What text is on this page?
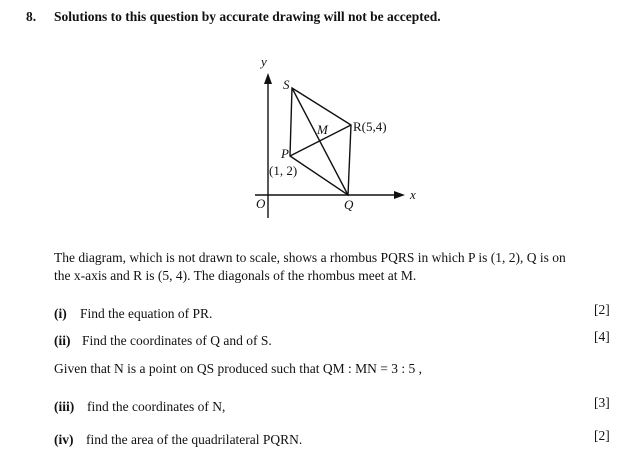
8. Solutions to this question by accurate drawing will not be accepted.
y
x
O
S
M R(5,4)
P
(1, 2)
Q
The diagram, which is not drawn to scale, shows a rhombus PQRS in which P is (1, 2), Q is on
the x-axis and R is (5, 4). The diagonals of the rhombus meet at M.
(i) Find the equation of PR.	[2]
(ii) Find the coordinates of Q and of S.	[4]
Given that N is a point on QS produced such that QM : MN = 3 : 5 ,
(iii) find the coordinates of N,	[3]
(iv) find the area of the quadrilateral PQRN.	[2]
